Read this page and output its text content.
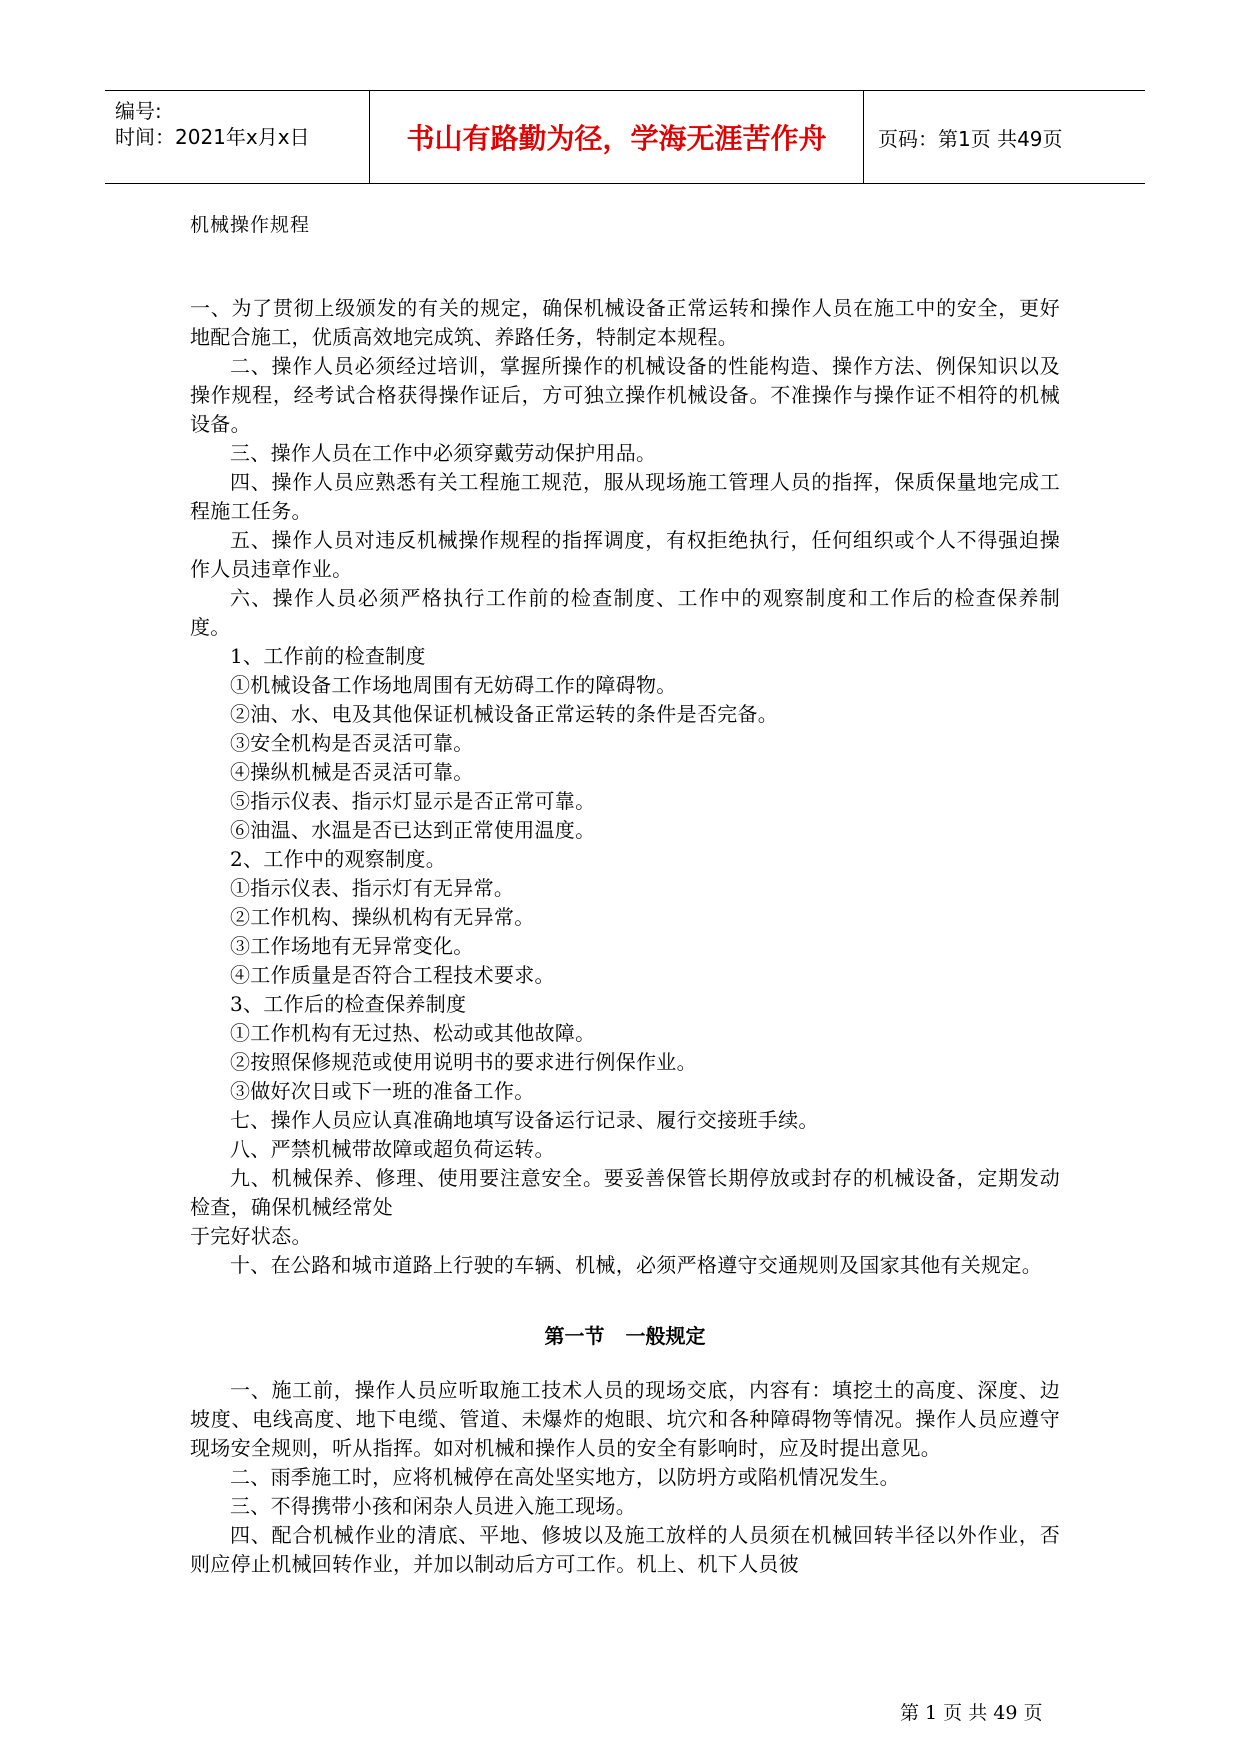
编号:
时间：2021年x月x日	书山有路勤为径，学海无涯苦作舟	页码：第1页 共49页
机械操作规程

一、为了贯彻上级颁发的有关的规定，确保机械设备正常运转和操作人员在施工中的安全，更好地配合施工，优质高效地完成筑、养路任务，特制定本规程。

二、操作人员必须经过培训，掌握所操作的机械设备的性能构造、操作方法、例保知识以及操作规程，经考试合格获得操作证后，方可独立操作机械设备。不准操作与操作证不相符的机械设备。

三、操作人员在工作中必须穿戴劳动保护用品。

四、操作人员应熟悉有关工程施工规范，服从现场施工管理人员的指挥，保质保量地完成工程施工任务。

五、操作人员对违反机械操作规程的指挥调度，有权拒绝执行，任何组织或个人不得强迫操作人员违章作业。

六、操作人员必须严格执行工作前的检查制度、工作中的观察制度和工作后的检查保养制度。

1、工作前的检查制度

①机械设备工作场地周围有无妨碍工作的障碍物。

②油、水、电及其他保证机械设备正常运转的条件是否完备。

③安全机构是否灵活可靠。

④操纵机械是否灵活可靠。

⑤指示仪表、指示灯显示是否正常可靠。

⑥油温、水温是否已达到正常使用温度。

2、工作中的观察制度。

①指示仪表、指示灯有无异常。

②工作机构、操纵机构有无异常。

③工作场地有无异常变化。

④工作质量是否符合工程技术要求。

3、工作后的检查保养制度

①工作机构有无过热、松动或其他故障。

②按照保修规范或使用说明书的要求进行例保作业。

③做好次日或下一班的准备工作。

七、操作人员应认真准确地填写设备运行记录、履行交接班手续。

八、严禁机械带故障或超负荷运转。

九、机械保养、修理、使用要注意安全。要妥善保管长期停放或封存的机械设备，定期发动检查，确保机械经常处

于完好状态。

十、在公路和城市道路上行驶的车辆、机械，必须严格遵守交通规则及国家其他有关规定。

第一节 一般规定

一、施工前，操作人员应听取施工技术人员的现场交底，内容有：填挖土的高度、深度、边坡度、电线高度、地下电缆、管道、未爆炸的炮眼、坑穴和各种障碍物等情况。操作人员应遵守现场安全规则，听从指挥。如对机械和操作人员的安全有影响时，应及时提出意见。

二、雨季施工时，应将机械停在高处坚实地方，以防坍方或陷机情况发生。

三、不得携带小孩和闲杂人员进入施工现场。

四、配合机械作业的清底、平地、修坡以及施工放样的人员须在机械回转半径以外作业，否则应停止机械回转作业，并加以制动后方可工作。机上、机下人员彼

第 1 页 共 49 页
